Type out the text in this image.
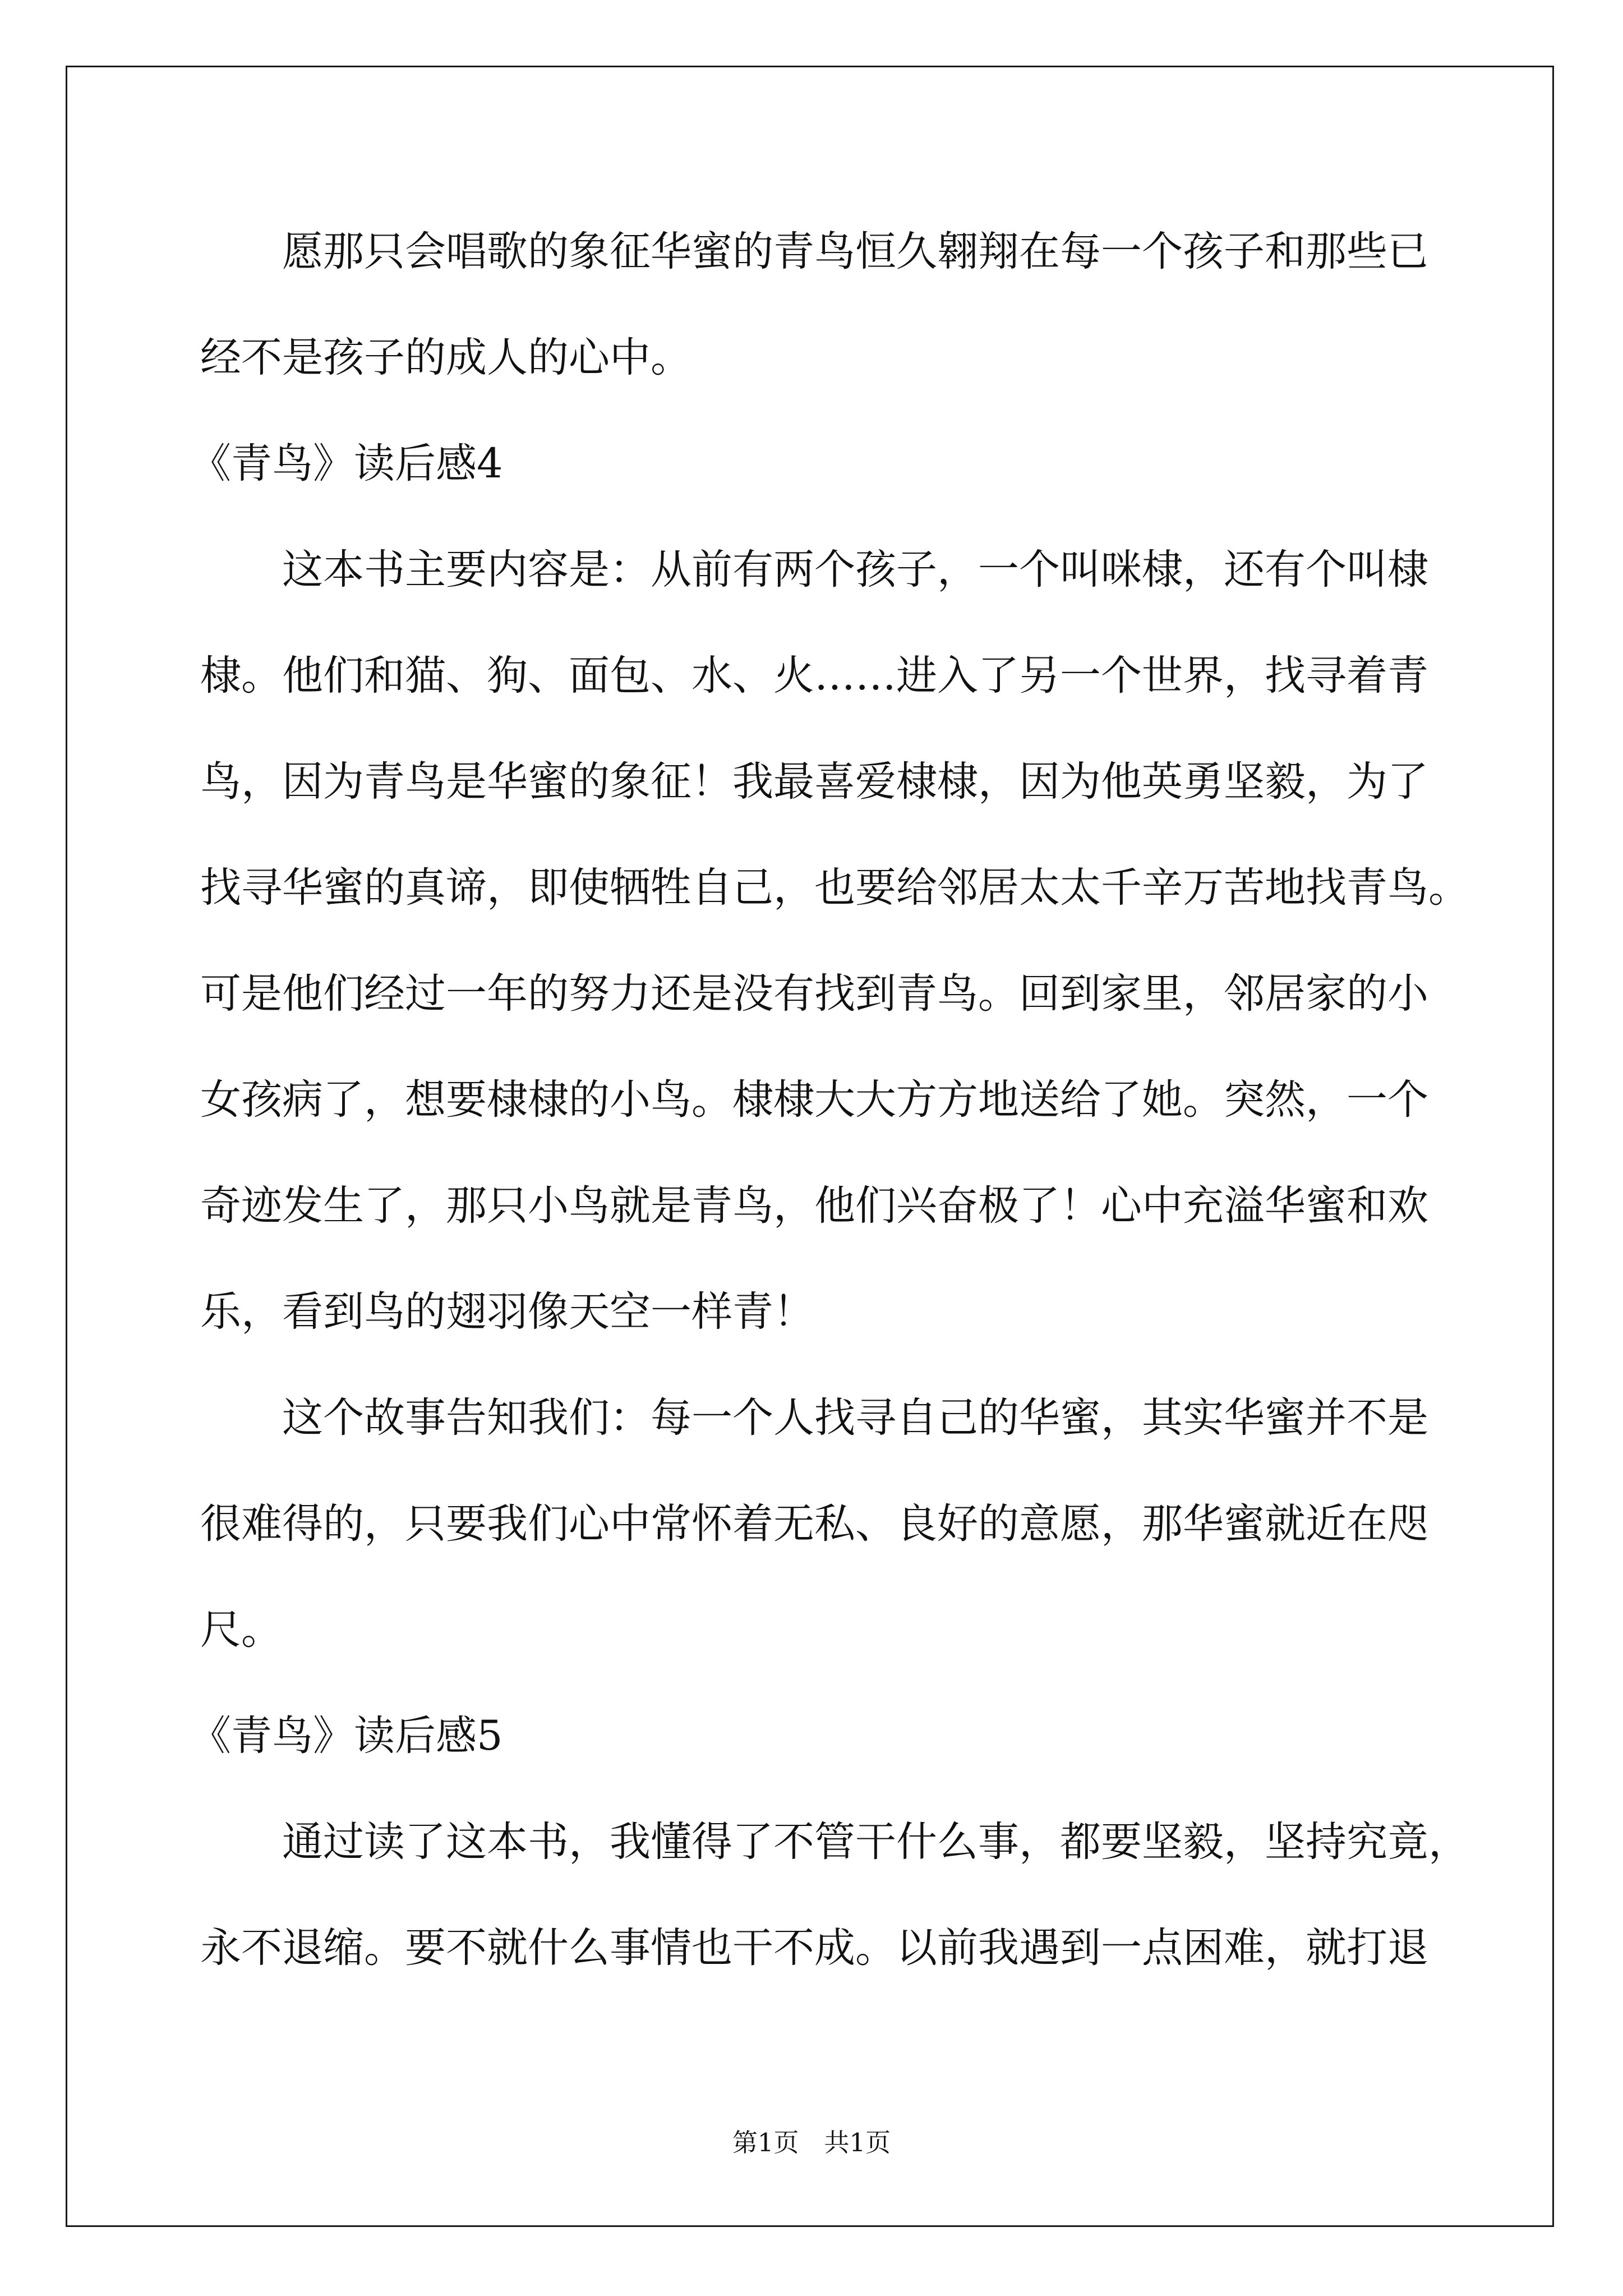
愿那只会唱歌的象征华蜜的青鸟恒久翱翔在每一个孩子和那些已
经不是孩子的成人的心中。
《青鸟》读后感4
这本书主要内容是：从前有两个孩子，一个叫咪棣，还有个叫棣
棣。他们和猫、狗、面包、水、火……进入了另一个世界，找寻着青
鸟，因为青鸟是华蜜的象征！我最喜爱棣棣，因为他英勇坚毅，为了
找寻华蜜的真谛，即使牺牲自己，也要给邻居太太千辛万苦地找青鸟。
可是他们经过一年的努力还是没有找到青鸟。回到家里，邻居家的小
女孩病了，想要棣棣的小鸟。棣棣大大方方地送给了她。突然，一个
奇迹发生了，那只小鸟就是青鸟，他们兴奋极了！心中充溢华蜜和欢
乐，看到鸟的翅羽像天空一样青！
这个故事告知我们：每一个人找寻自己的华蜜，其实华蜜并不是
很难得的，只要我们心中常怀着无私、良好的意愿，那华蜜就近在咫
尺。
《青鸟》读后感5
通过读了这本书，我懂得了不管干什么事，都要坚毅，坚持究竟，
永不退缩。要不就什么事情也干不成。以前我遇到一点困难，就打退
第1页　共1页
